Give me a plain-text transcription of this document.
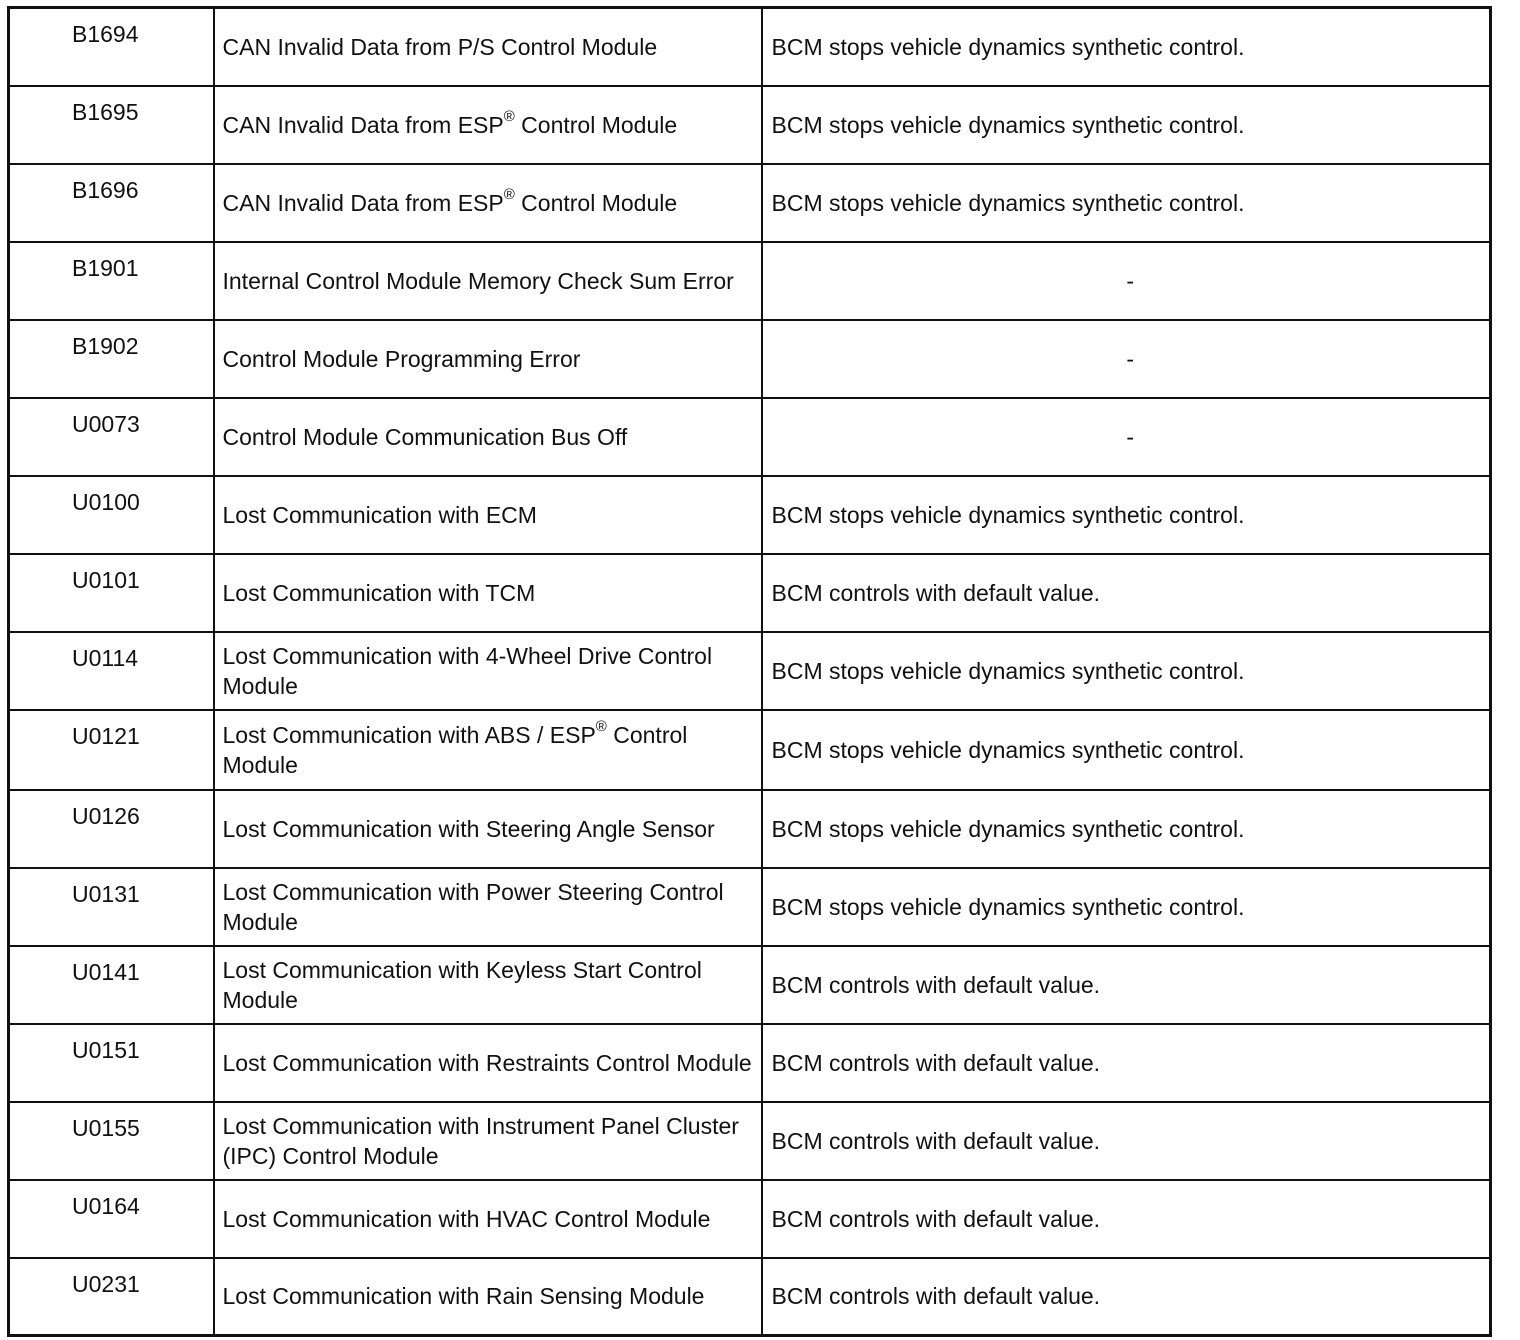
B1694	CAN Invalid Data from P/S Control Module	BCM stops vehicle dynamics synthetic control.
B1695	CAN Invalid Data from ESP® Control Module	BCM stops vehicle dynamics synthetic control.
B1696	CAN Invalid Data from ESP® Control Module	BCM stops vehicle dynamics synthetic control.
B1901	Internal Control Module Memory Check Sum Error	-
B1902	Control Module Programming Error	-
U0073	Control Module Communication Bus Off	-
U0100	Lost Communication with ECM	BCM stops vehicle dynamics synthetic control.
U0101	Lost Communication with TCM	BCM controls with default value.
U0114	Lost Communication with 4-Wheel Drive Control Module	BCM stops vehicle dynamics synthetic control.
U0121	Lost Communication with ABS / ESP® Control Module	BCM stops vehicle dynamics synthetic control.
U0126	Lost Communication with Steering Angle Sensor	BCM stops vehicle dynamics synthetic control.
U0131	Lost Communication with Power Steering Control Module	BCM stops vehicle dynamics synthetic control.
U0141	Lost Communication with Keyless Start Control Module	BCM controls with default value.
U0151	Lost Communication with Restraints Control Module	BCM controls with default value.
U0155	Lost Communication with Instrument Panel Cluster (IPC) Control Module	BCM controls with default value.
U0164	Lost Communication with HVAC Control Module	BCM controls with default value.
U0231	Lost Communication with Rain Sensing Module	BCM controls with default value.
